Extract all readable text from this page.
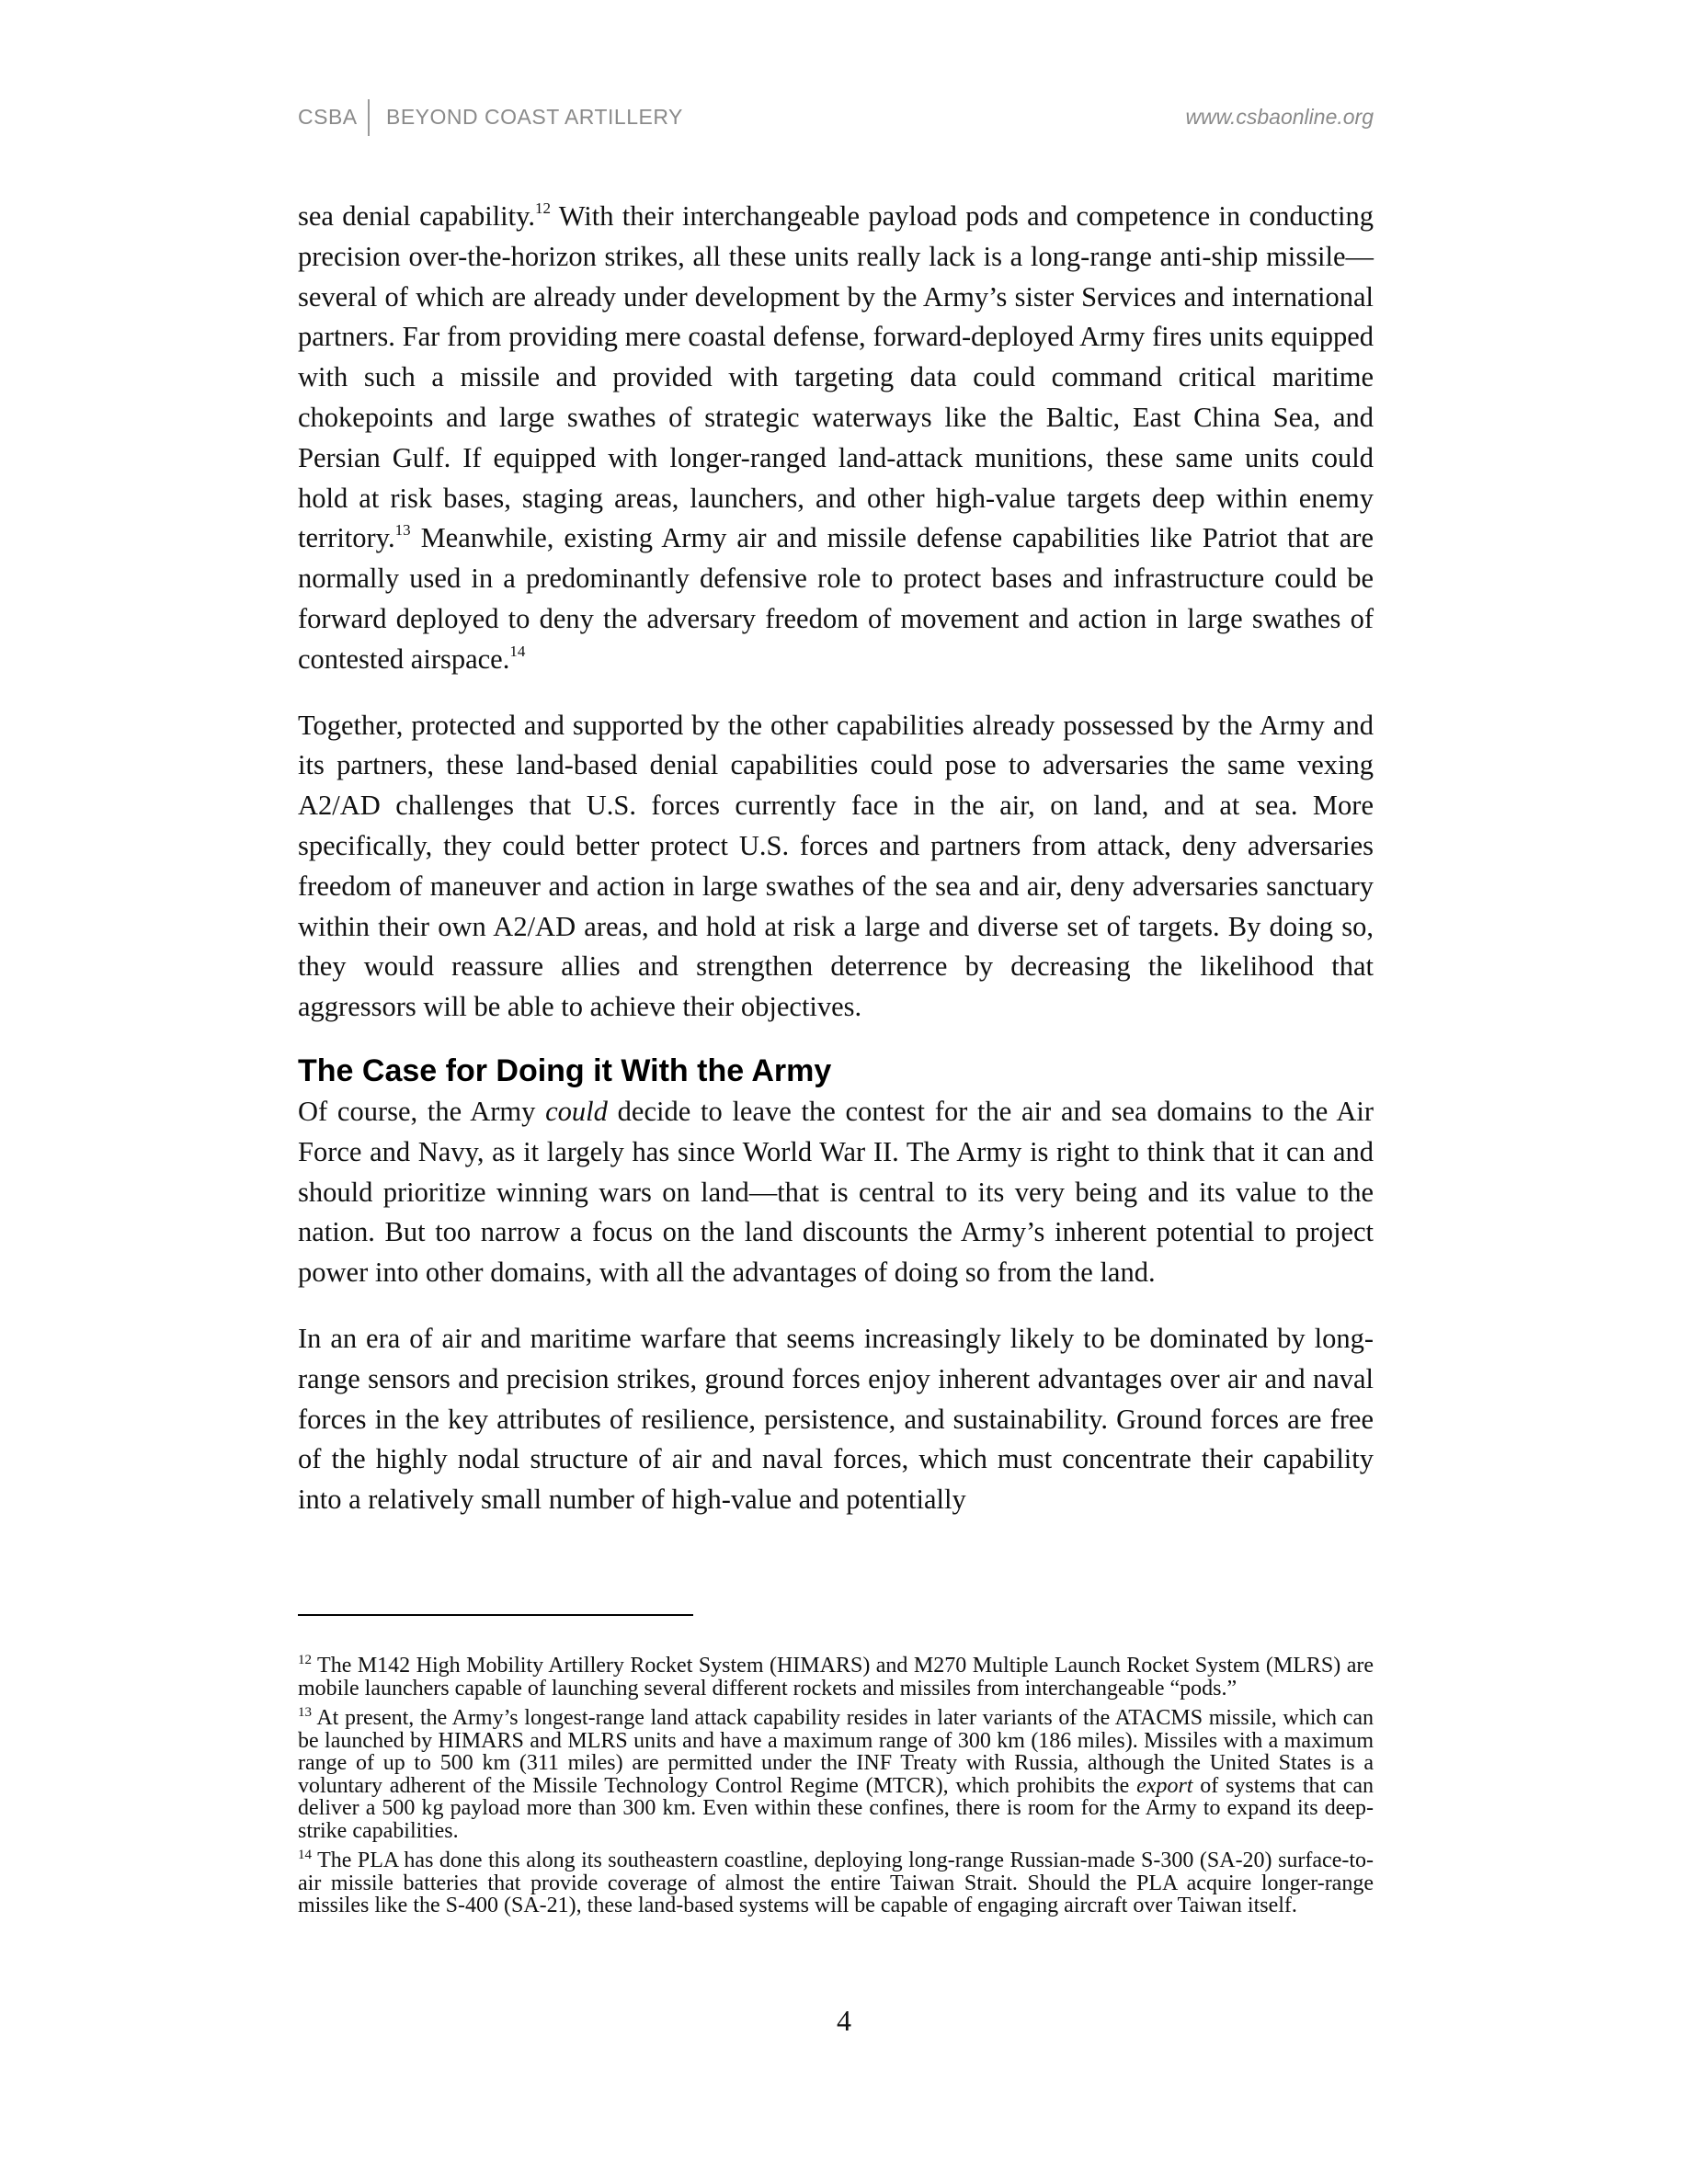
CSBA BEYOND COAST ARTILLERY	www.csbaonline.org

sea denial capability.$^{12}$ With their interchangeable payload pods and competence in conducting precision over-the-horizon strikes, all these units really lack is a long-range anti-ship missile—several of which are already under development by the Army’s sister Services and international partners. Far from providing mere coastal defense, forward-deployed Army fires units equipped with such a missile and provided with targeting data could command critical maritime chokepoints and large swathes of strategic waterways like the Baltic, East China Sea, and Persian Gulf. If equipped with longer-ranged land-attack munitions, these same units could hold at risk bases, staging areas, launchers, and other high-value targets deep within enemy territory.$^{13}$ Meanwhile, existing Army air and missile defense capabilities like Patriot that are normally used in a predominantly defensive role to protect bases and infrastructure could be forward deployed to deny the adversary freedom of movement and action in large swathes of contested airspace.$^{14}$

Together, protected and supported by the other capabilities already possessed by the Army and its partners, these land-based denial capabilities could pose to adversaries the same vexing A2/AD challenges that U.S. forces currently face in the air, on land, and at sea. More specifically, they could better protect U.S. forces and partners from attack, deny adversaries freedom of maneuver and action in large swathes of the sea and air, deny adversaries sanctuary within their own A2/AD areas, and hold at risk a large and diverse set of targets. By doing so, they would reassure allies and strengthen deterrence by decreasing the likelihood that aggressors will be able to achieve their objectives.

The Case for Doing it With the Army

Of course, the Army could decide to leave the contest for the air and sea domains to the Air Force and Navy, as it largely has since World War II. The Army is right to think that it can and should prioritize winning wars on land—that is central to its very being and its value to the nation. But too narrow a focus on the land discounts the Army’s inherent potential to project power into other domains, with all the advantages of doing so from the land.

In an era of air and maritime warfare that seems increasingly likely to be dominated by long-range sensors and precision strikes, ground forces enjoy inherent advantages over air and naval forces in the key attributes of resilience, persistence, and sustainability. Ground forces are free of the highly nodal structure of air and naval forces, which must concentrate their capability into a relatively small number of high-value and potentially

$^{12}$ The M142 High Mobility Artillery Rocket System (HIMARS) and M270 Multiple Launch Rocket System (MLRS) are mobile launchers capable of launching several different rockets and missiles from interchangeable “pods.”

$^{13}$ At present, the Army’s longest-range land attack capability resides in later variants of the ATACMS missile, which can be launched by HIMARS and MLRS units and have a maximum range of 300 km (186 miles). Missiles with a maximum range of up to 500 km (311 miles) are permitted under the INF Treaty with Russia, although the United States is a voluntary adherent of the Missile Technology Control Regime (MTCR), which prohibits the export of systems that can deliver a 500 kg payload more than 300 km. Even within these confines, there is room for the Army to expand its deep-strike capabilities.

$^{14}$ The PLA has done this along its southeastern coastline, deploying long-range Russian-made S-300 (SA-20) surface-to-air missile batteries that provide coverage of almost the entire Taiwan Strait. Should the PLA acquire longer-range missiles like the S-400 (SA-21), these land-based systems will be capable of engaging aircraft over Taiwan itself.

4
